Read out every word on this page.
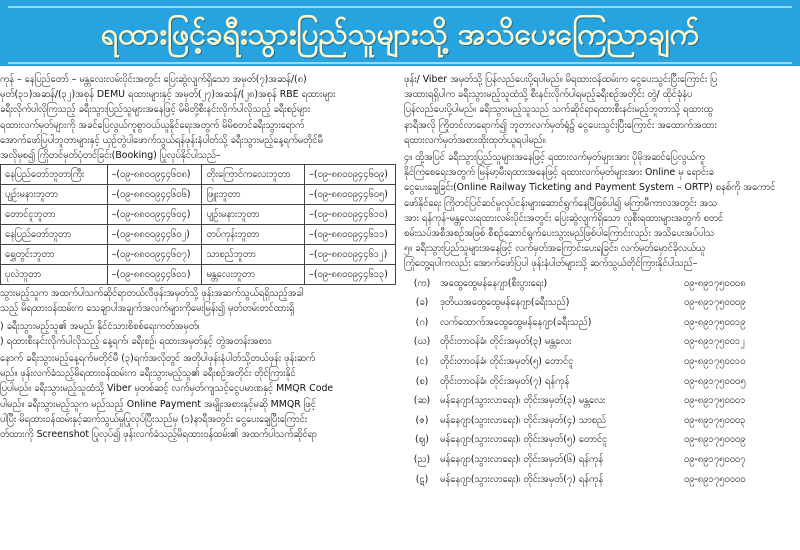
ရထားဖြင့်ခရီးသွားပြည်သူများသို့ အသိပေးကြေညာချက်

ကုန် – နေပြည်တော် – မန္တလေးလမ်းပိုင်းအတွင်း ပြေးဆွဲလျက်ရှိသော အမှတ်(၇)အဆန်/(၈)

မှတ်(၃၁)အဆန်/(၃၂)အစုန် DEMU ရထားများနှင့် အမှတ်(၂၇)အဆန်/(၂၈)အစုန် RBE ရထားများ

ခရီးလိုက်ပါလိုကြသည့် ခရီးသွားပြည်သူများအနေဖြင့် မိမိတို့စီးနင်းလိုက်ပါလိုသည့် ခရီးစဉ်များ

ရထားလက်မှတ်များကို အခင်ပြေလွယ်ကူစွာဝယ်ယူနိုင်ရေးအတွက် မိမိစတင်ခရီးသွားရောက်

အောက်ဖော်ပြပါဘူတာများနှင့် ယှဉ်တွဲပါဖောက်သွယ်ရန်ဖုန်းနံပါတ်သို့ ခရီးသွားမည့်နေ့ရက်မတိုင်မီ

အလိုမှစ၍ ကြိုတင်မှတ်ပုံတင်ခြင်း(Booking) ပြုလုပ်နိုင်ပါသည်–

နေပြည်တော်ဘူတာကြီး	–(၀၉-၈၈၀၀၉၄၄၆၀၈)	တိုးကြောင်ကလေးဘူတာ	–(၀၉-၈၈၀၀၉၄၄၆၀၉)
ပျဉ်းမနားဘူတာ	–(၀၉-၈၈၀၀၉၄၄၆၀၆)	ဖြူးဘူတာ	–(၀၉-၈၈၀၀၉၄၄၆၀၅)
တောင်ငူဘူတာ	–(၀၉-၈၈၀၀၉၄၄၆၀၄)	ပျဉ်းမနားဘူတာ	–(၀၉-၈၈၀၀၉၄၄၆၁၀)
နေပြည်တော်ဘူတာ	–(၀၉-၈၈၀၀၉၄၄၆၀၂)	တပ်ကုန်းဘူတာ	–(၀၉-၈၈၀၀၉၄၄၆၁၁)
ရွှေတွင်းဘူတာ	–(၀၉-၈၈၀၀၉၄၄၆၀၇)	သာစည်ဘူတာ	–(၀၉-၈၈၀၀၉၄၄၆၁၂)
ပုလဲဘူတာ	–(၀၉-၈၈၀၀၉၄၄၆၀၁)	မန္တလေးဘူတာ	–(၀၉-၈၈၀၀၉၄၄၆၁၃)

သွားမည့်သူက အထက်ပါသက်ဆိုင်ရာတယ်လီဖုန်းအမှတ်သို့ ဖုန်းအဆက်သွယ်ရရှိသည့်အခါ

သည့် မိရထားဝန်ထမ်းက သေချာပါအချက်အလက်များကိုမေးမြန်း၍ မှတ်တမ်းတင်ထားရှိ

) ခရီးသွားမည့်သူ၏ အမည်၊ နိုင်ငံသားစိစစ်ရေးကတ်အမှတ်၊

) ရထားစီးနင်းလိုက်ပါလိုသည့် နေ့ရက်၊ ခရီးစဉ်၊ ရထားအမှတ်နှင့် တွဲအတန်းအစား၊

နောက် ခရီးသွားမည့်နေ့ရက်မတိုင်မီ (၃)ရက်အလိုတွင် အတိုပါဖုန်းနံပါတ်သို့တယ်ဖုန်း ဖုန်းဆက်

မည်။ ဖုန်းလက်ခံသည့်မိရထားဝန်ထမ်းက ခရီးသွားမည့်သူ၏ ခရီးစဉ်အတိုင်း တိုင်ကြားနိုင်

ပြပါမည်။ ခရီးသွားမည့်သူထံသို့ Viber မှတစ်ဆင့် လက်မှတ်ကျသင့်ငွေပမာဏနှင့် MMQR Code

ပါမည်။ ခရီးသွားမည့်သူက မည်သည့် Online Payment အမျိုးအစားနှင့်မဆို MMQR ဖြင့်

ပါပြီး မိရထားဝန်ထမ်းနှင့်ဆက်သွယ်မှုပြုလုပ်ပြီးသည်မှ (၁)နာရီအတွင်း ငွေပေးချေပြီးကြောင်း

တ်ထားကို Screenshot ပြုလုပ်၍ ဖုန်းလက်ခံသည့်မိရထားဝန်ထမ်း၏ အထက်ပါသက်ဆိုင်ရာ

ဖုန်း/ Viber အမှတ်သို့ ပြန်လည်ပေးပို့ရပါမည်။ မိရထားဝန်ထမ်းက ငွေပေးသွင်းပြီးကြောင်း ပြ

အထားရရှိပါက ခရီးသွားမည့်သူထံသို့ စီးနင်းလိုက်ပါရမည့်ခရီးစဉ်အတိုင်း တွဲ/ ထိုင်ခုံနံပ

ပြန်လည်ပေးပို့ပါမည်။ ခရီးသွားမည့်သူသည် သက်ဆိုင်ရာရထားစီးနင်းမည့်ဘူတာသို့ ရထားထွ

နာရီအလို ကြိုတင်လာရောက်၍ ဘူတာလက်မှတ်ရုံ၌ ငွေပေးသွင်းပြီးကြောင်း အထောက်အထား

ရထားလက်မှတ်အစားထိုးထုတ်ယူရပါမည်။

၄။ ထို့အပြင် ခရီးသွားပြည်သူများအနေဖြင့် ရထားလက်မှတ်များအား ပိုမိုအဆင်ပြေလွယ်ကူ

နိုင်ကြစေရေးအတွက် မြန်မာ့မီးရထားအနေဖြင့် ရထားလက်မှတ်များအား Online မှ ရောင်းခ

ငွေပေးချေခြင်း(Online Railway Ticketing and Payment System – ORTP) စနစ်ကို အကောင်

ဖော်နိုင်ရေး ကြိုတင်ပြင်ဆင်မှုလုပ်ငန်းများဆောင်ရွက်နေပြီဖြစ်ပါ၍ မကြာမီကာလအတွင်း အသ

အား ရန်ကုန်-မန္တလေးရထားလမ်းပိုင်းအတွင်း ပြေးဆွဲလျက်ရှိသော လူစီးရထားများအတွက် စတင်

စမ်းသပ်အစီအစဉ်အဖြစ် စီစဉ်ဆောင်ရွက်ပေးသွားမည်ဖြစ်ပါကြောင်းလည်း အသိပေးအပ်ပါသ

၅။ ခရီးသွားပြည်သူများအနေဖြင့် လက်မှတ်အကြောင်းပေးရခြင်း၊ လက်မှတ်မှောင်ခိုလယ်ယူ

ကြုံတွေ့ရပါကလည်း အောက်ဖော်ပြပါ ဖုန်းနံပါတ်များသို့ ဆက်သွယ်တိုင်ကြားနိုင်ပါသည်–

(က)	အထွေထွေမန်နေဂျာ(စီးပွားရေး)	၀၉-၈၉၁၇၅၀၀၀၈
(ခ)	ဒုတိယအထွေထွေမန်နေဂျာ(ခရီးသည်)	၀၉-၈၉၁၇၅၀၀၀၉
(ဂ)	လက်ထောက်အထွေထွေမန်နေဂျာ(ခရီးသည်)	၀၉-၈၉၁၇၅၀၀၁၉
(ဃ)	တိုင်းတာဝန်ခံ၊ တိုင်းအမှတ်(၃) မန္တလေး	၀၉-၈၉၁၇၅၀၀၁၂
(င)	တိုင်းတာဝန်ခံ၊ တိုင်းအမှတ်(၅) တောင်ငူ	၀၉-၈၉၁၇၅၀၀၁၀
(စ)	တိုင်းတာဝန်ခံ၊ တိုင်းအမှတ်(၇) ရန်ကုန်	၀၉-၈၉၁၇၅၀၀၀၅
(ဆ)	မန်နေဂျာ(သွားလာရေး)၊ တိုင်းအမှတ်(၃) မန္တလေး	၀၉-၈၉၁၇၅၀၀၀၁
(ဇ)	မန်နေဂျာ(သွားလာရေး)၊ တိုင်းအမှတ်(၄) သာစည်	၀၉-၈၉၁၇၅၀၀၀၃
(ဈ)	မန်နေဂျာ(သွားလာရေး)၊ တိုင်းအမှတ်(၅) တောင်ငူ	၀၉-၈၉၁၇၅၀၀၀၉
(ည)	မန်နေဂျာ(သွားလာရေး)၊ တိုင်းအမှတ်(၆) ရန်ကုန်	၀၉-၈၉၁၇၅၀၀၀၇
(ဋ)	မန်နေဂျာ(သွားလာရေး)၊ တိုင်းအမှတ်(၇) ရန်ကုန်	၀၉-၈၉၁၇၅၀၀၀၀
